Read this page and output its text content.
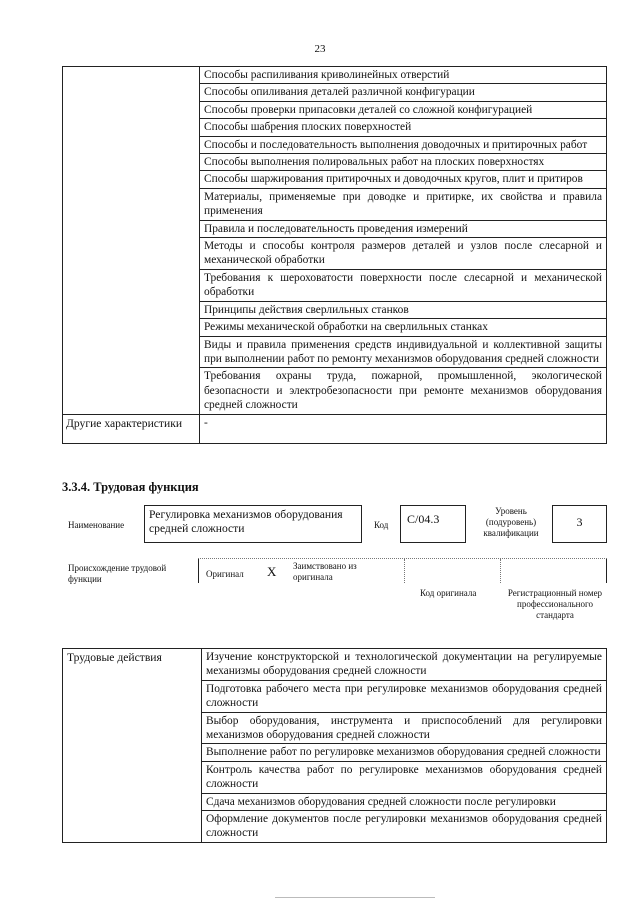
23
	Способы распиливания криволинейных отверстий
	Способы опиливания деталей различной конфигурации
	Способы проверки припасовки деталей со сложной конфигурацией
	Способы шабрения плоских поверхностей
	Способы и последовательность выполнения доводочных и притирочных работ
	Способы выполнения полировальных работ на плоских поверхностях
	Способы шаржирования притирочных и доводочных кругов, плит и притиров
	Материалы, применяемые при доводке и притирке, их свойства и правила применения
	Правила и последовательность проведения измерений
	Методы и способы контроля размеров деталей и узлов после слесарной и механической обработки
	Требования к шероховатости поверхности после слесарной и механической обработки
	Принципы действия сверлильных станков
	Режимы механической обработки на сверлильных станках
	Виды и правила применения средств индивидуальной и коллективной защиты при выполнении работ по ремонту механизмов оборудования средней сложности
	Требования охраны труда, пожарной, промышленной, экологической безопасности и электробезопасности при ремонте механизмов оборудования средней сложности
Другие характеристики	-
3.3.4. Трудовая функция
Наименование
Регулировка механизмов оборудования средней сложности	Код	С/04.3
Уровень (подуровень) квалификации
3
Происхождение трудовой функции	Оригинал X Заимствовано из оригинала
Код оригинала	Регистрационный номер профессионального стандарта
Трудовые действия	Изучение конструкторской и технологической документации на регулируемые механизмы оборудования средней сложности
Подготовка рабочего места при регулировке механизмов оборудования средней сложности
Выбор оборудования, инструмента и приспособлений для регулировки механизмов оборудования средней сложности
Выполнение работ по регулировке механизмов оборудования средней сложности
Контроль качества работ по регулировке механизмов оборудования средней сложности
Сдача механизмов оборудования средней сложности после регулировки
Оформление документов после регулировки механизмов оборудования средней сложности
